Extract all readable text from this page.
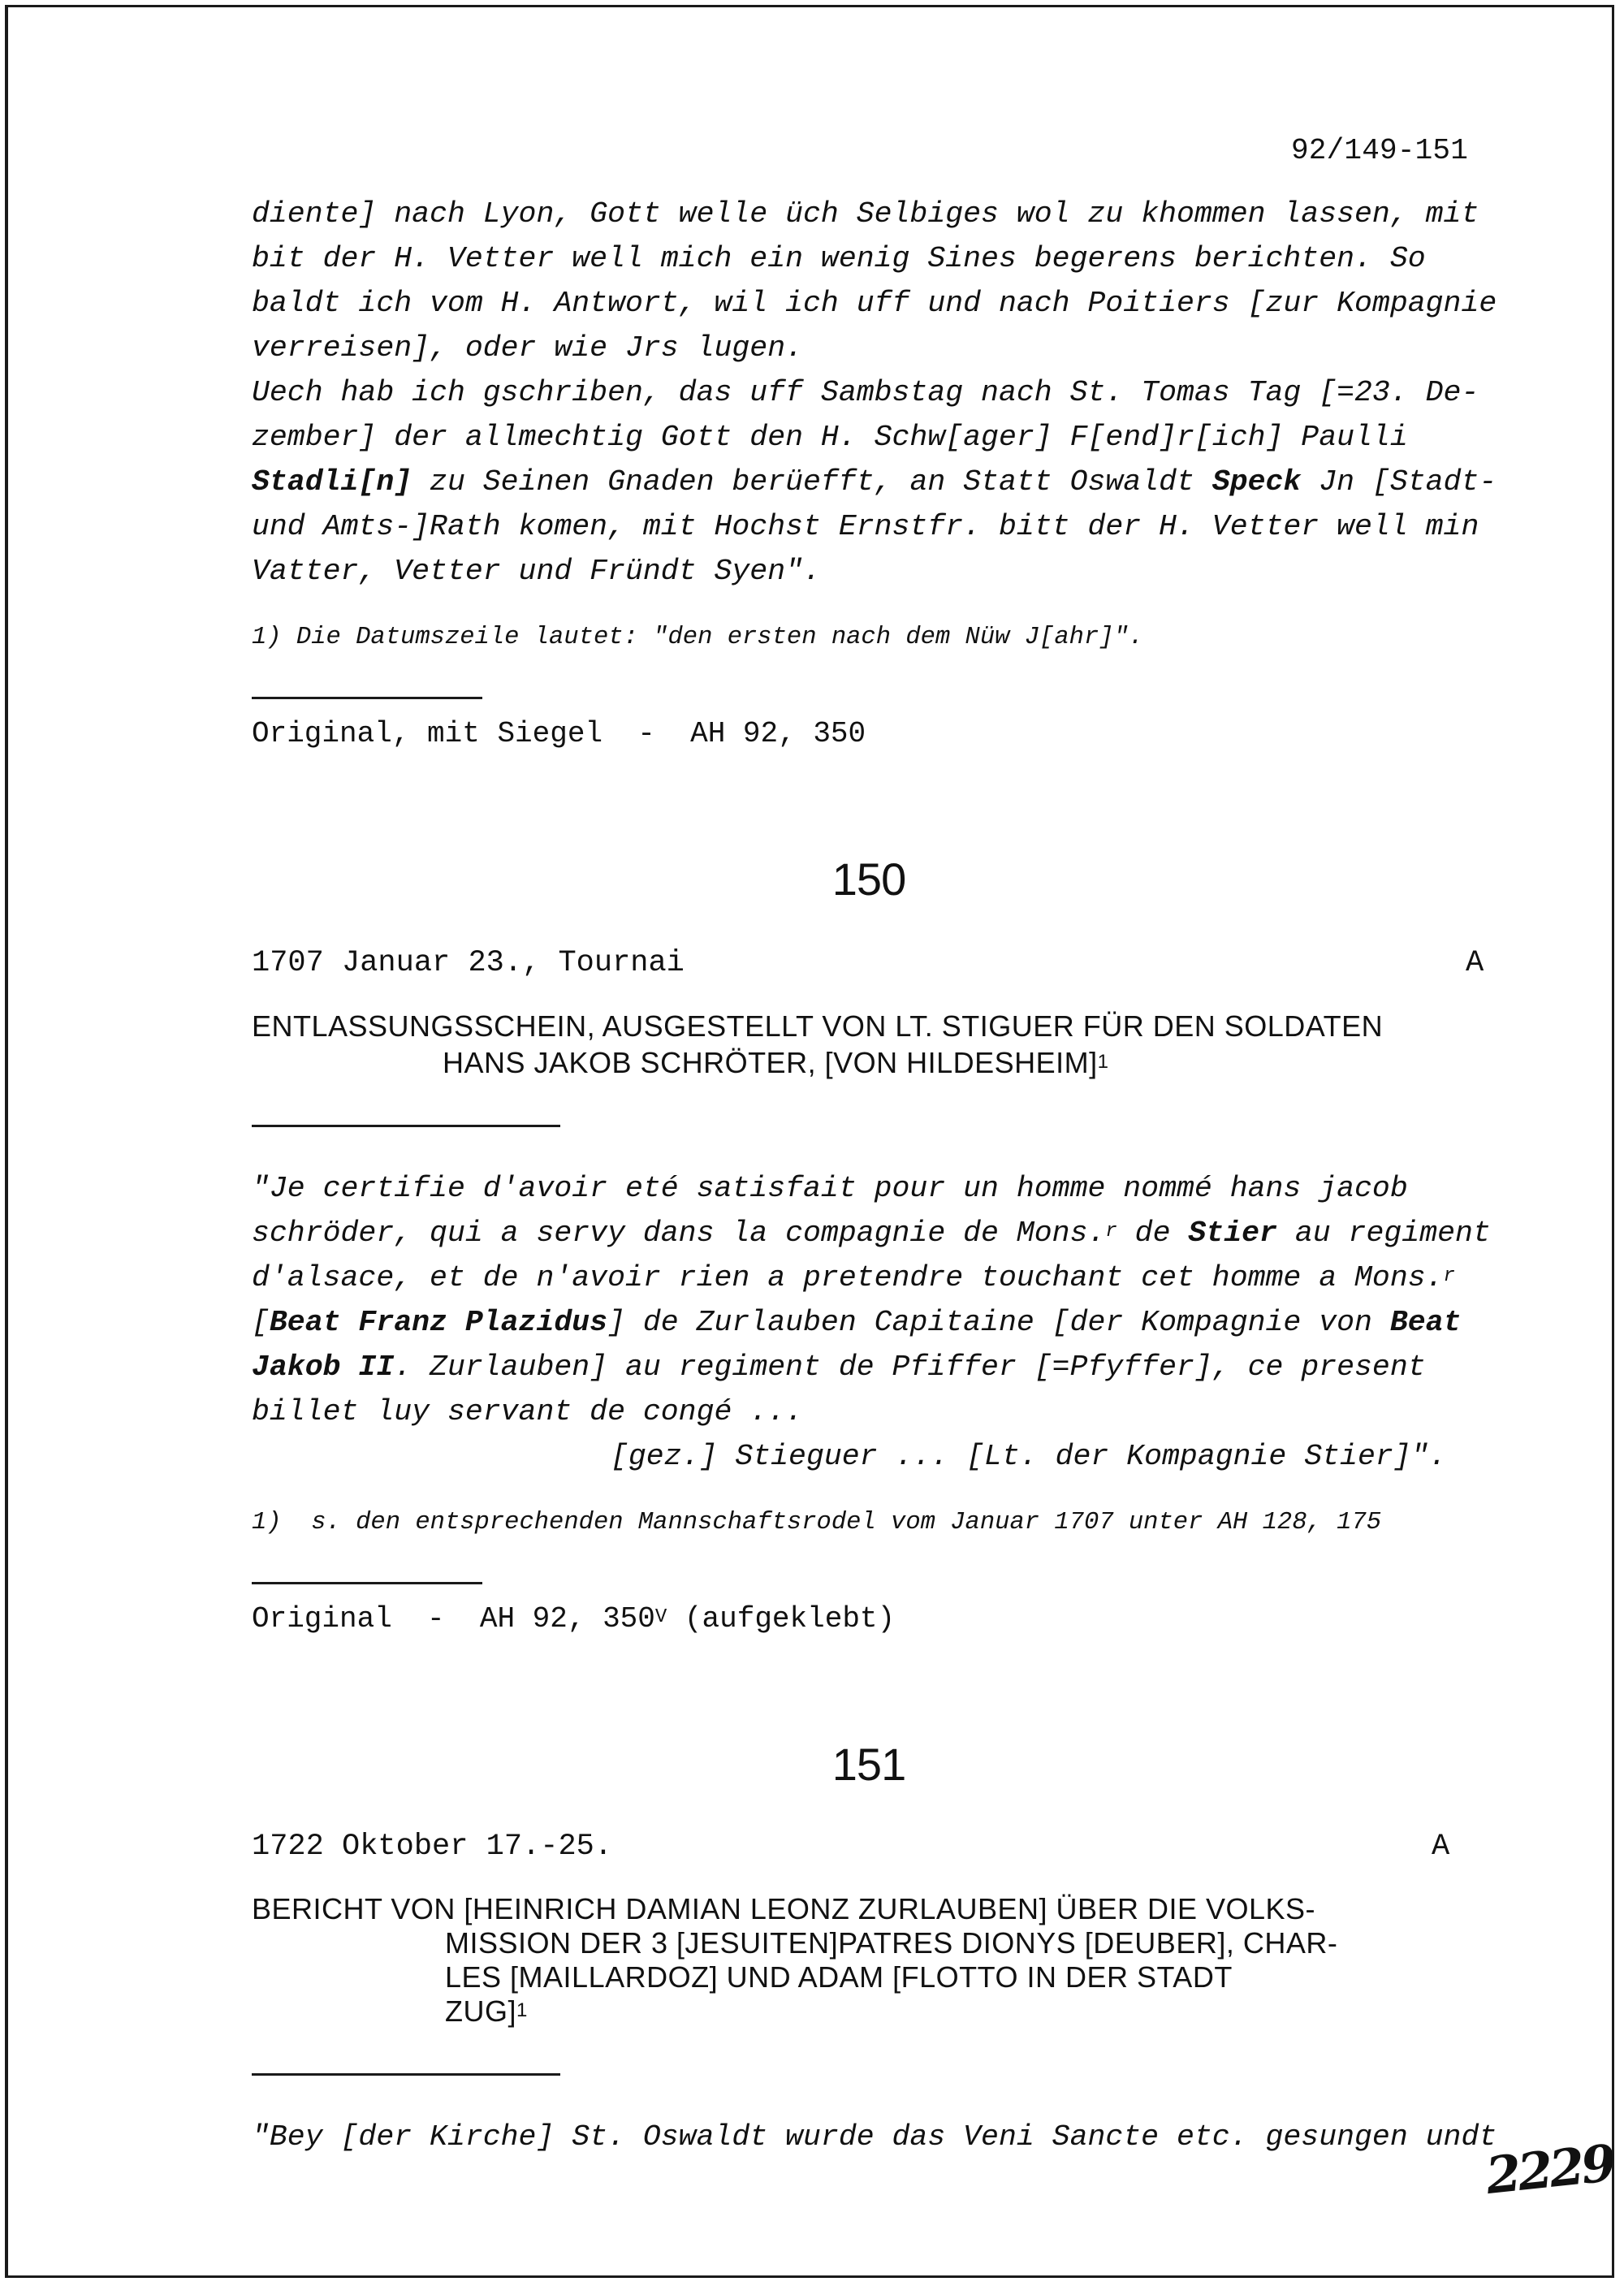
92/149-151
diente] nach Lyon, Gott welle üch Selbiges wol zu khommen lassen, mit
bit der H. Vetter well mich ein wenig Sines begerens berichten. So
baldt ich vom H. Antwort, wil ich uff und nach Poitiers [zur Kompagnie
verreisen], oder wie Jrs lugen.
Uech hab ich gschriben, das uff Sambstag nach St. Tomas Tag [=23. De-
zember] der allmechtig Gott den H. Schw[ager] F[end]r[ich] Paulli
Stadli[n] zu Seinen Gnaden berüefft, an Statt Oswaldt Speck Jn [Stadt-
und Amts-]Rath komen, mit Hochst Ernstfr. bitt der H. Vetter well min
Vatter, Vetter und Fründt Syen".
1) Die Datumszeile lautet: "den ersten nach dem Nüw J[ahr]".
Original, mit Siegel  -  AH 92, 350
150
1707 Januar 23., Tournai	A
ENTLASSUNGSSCHEIN, AUSGESTELLT VON LT. STIGUER FÜR DEN SOLDATEN
HANS JAKOB SCHRÖTER, [VON HILDESHEIM]$^1$
"Je certifie d'avoir eté satisfait pour un homme nommé hans jacob
schröder, qui a servy dans la compagnie de Mons.$^r$ de Stier au regiment
d'alsace, et de n'avoir rien a pretendre touchant cet homme a Mons.$^r$
[Beat Franz Plazidus] de Zurlauben Capitaine [der Kompagnie von Beat
Jakob II. Zurlauben] au regiment de Pfiffer [=Pfyffer], ce present
billet luy servant de congé ...
[gez.] Stieguer ... [Lt. der Kompagnie Stier]".
1)  s. den entsprechenden Mannschaftsrodel vom Januar 1707 unter AH 128, 175
Original  -  AH 92, $350^V$ (aufgeklebt)
151
1722 Oktober 17.-25.	A
BERICHT VON [HEINRICH DAMIAN LEONZ ZURLAUBEN] ÜBER DIE VOLKS-
MISSION DER 3 [JESUITEN]PATRES DIONYS [DEUBER], CHAR-
LES [MAILLARDOZ] UND ADAM [FLOTTO IN DER STADT
ZUG]$^1$
"Bey [der Kirche] St. Oswaldt wurde das Veni Sancte etc. gesungen undt
2229
